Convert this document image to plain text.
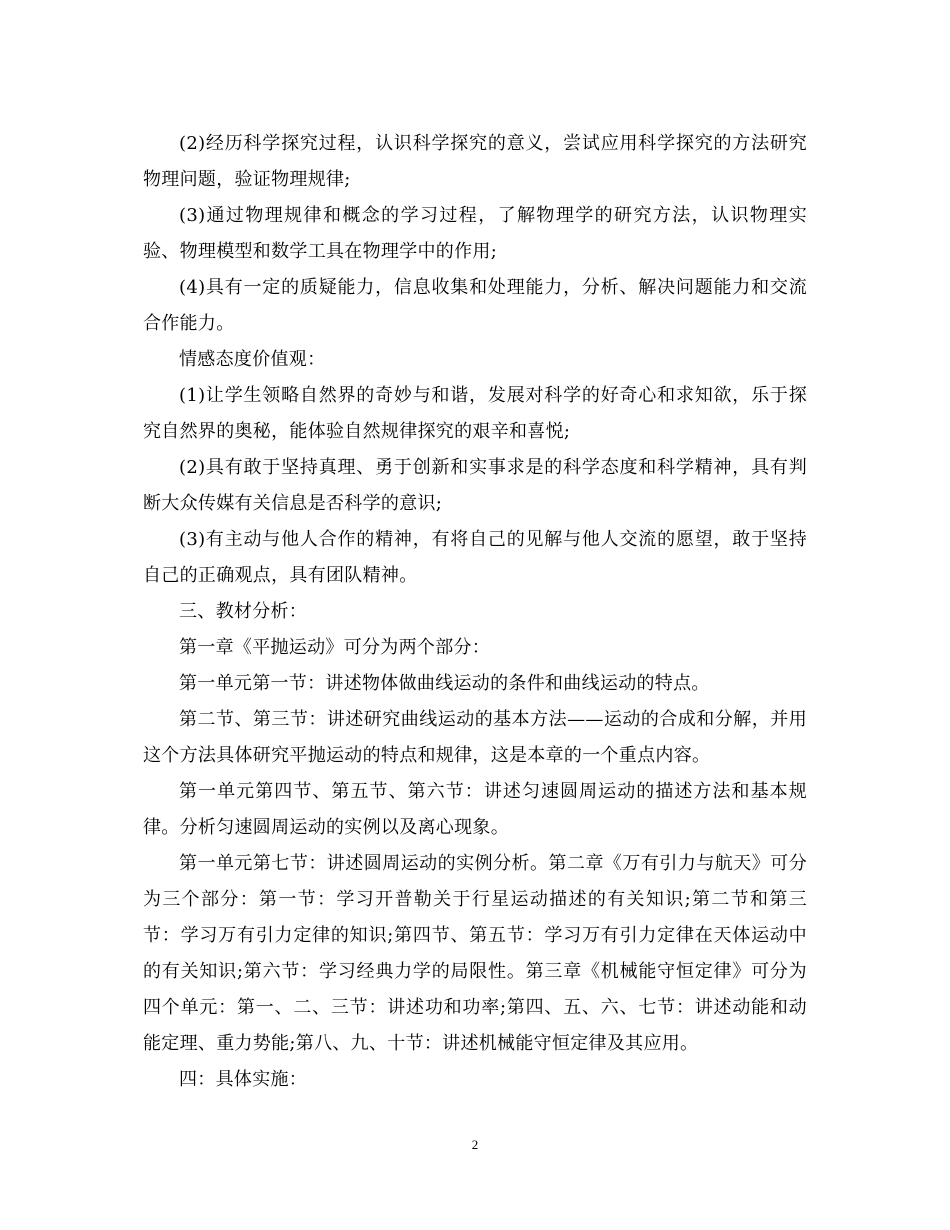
(2)经历科学探究过程，认识科学探究的意义，尝试应用科学探究的方法研究物理问题，验证物理规律;

(3)通过物理规律和概念的学习过程，了解物理学的研究方法，认识物理实验、物理模型和数学工具在物理学中的作用;

(4)具有一定的质疑能力，信息收集和处理能力，分析、解决问题能力和交流合作能力。

情感态度价值观：

(1)让学生领略自然界的奇妙与和谐，发展对科学的好奇心和求知欲，乐于探究自然界的奥秘，能体验自然规律探究的艰辛和喜悦;

(2)具有敢于坚持真理、勇于创新和实事求是的科学态度和科学精神，具有判断大众传媒有关信息是否科学的意识;

(3)有主动与他人合作的精神，有将自己的见解与他人交流的愿望，敢于坚持自己的正确观点，具有团队精神。

三、教材分析：

第一章《平抛运动》可分为两个部分：

第一单元第一节：讲述物体做曲线运动的条件和曲线运动的特点。

第二节、第三节：讲述研究曲线运动的基本方法——运动的合成和分解，并用这个方法具体研究平抛运动的特点和规律，这是本章的一个重点内容。

第一单元第四节、第五节、第六节：讲述匀速圆周运动的描述方法和基本规律。分析匀速圆周运动的实例以及离心现象。

第一单元第七节：讲述圆周运动的实例分析。第二章《万有引力与航天》可分为三个部分：第一节：学习开普勒关于行星运动描述的有关知识;第二节和第三节：学习万有引力定律的知识;第四节、第五节：学习万有引力定律在天体运动中的有关知识;第六节：学习经典力学的局限性。第三章《机械能守恒定律》可分为四个单元：第一、二、三节：讲述功和功率;第四、五、六、七节：讲述动能和动能定理、重力势能;第八、九、十节：讲述机械能守恒定律及其应用。

四：具体实施：

2
